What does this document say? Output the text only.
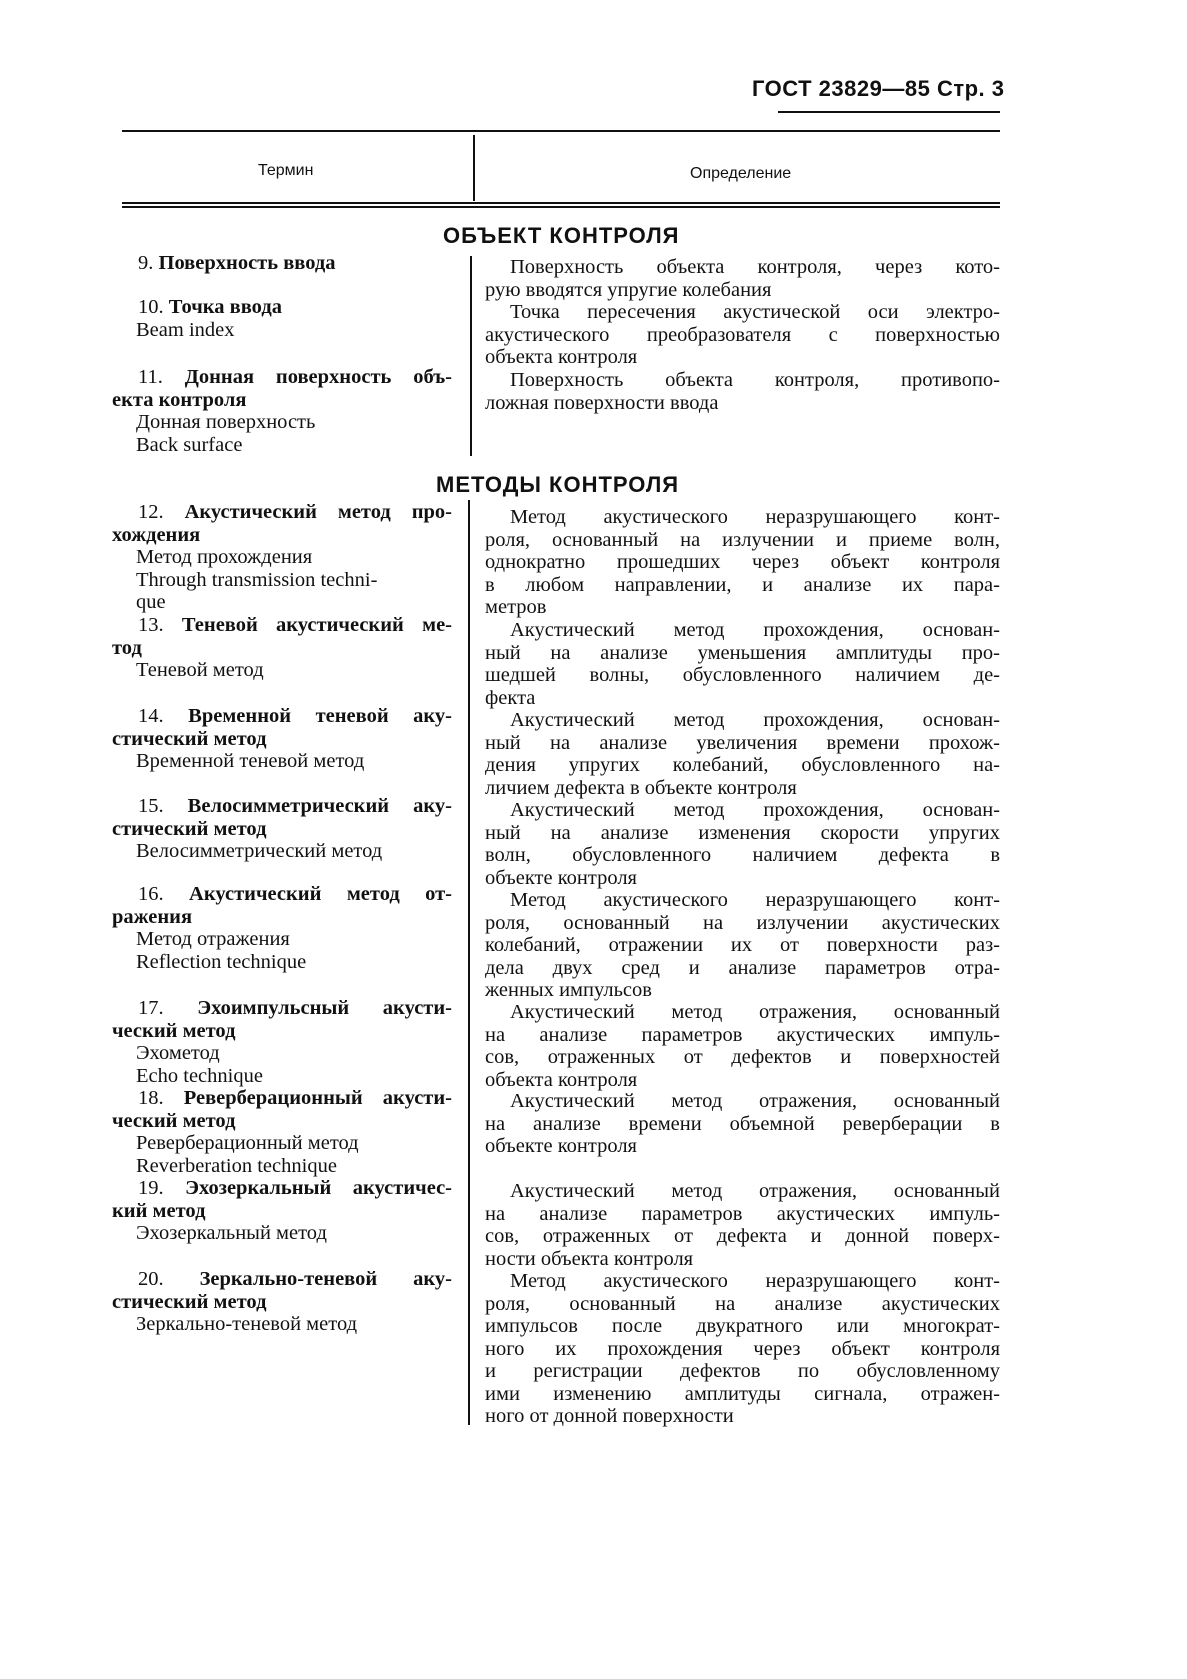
ГОСТ 23829—85 Стр. 3
Термин	Определение
ОБЪЕКТ КОНТРОЛЯ
МЕТОДЫ КОНТРОЛЯ
9. Поверхность ввода	Поверхность объекта контроля, через кото-
рую вводятся упругие колебания
10. Точка ввода
Beam index
Точка пересечения акустической оси электро-
акустического преобразователя с поверхностью
объекта контроля
11. Донная поверхность объ-
екта контроля
Донная поверхность
Back surface
Поверхность объекта контроля, противопо-
ложная поверхности ввода
12. Акустический метод про-
хождения
Метод прохождения
Through transmission techni-
que
Метод акустического неразрушающего конт-
роля, основанный на излучении и приеме волн,
однократно прошедших через объект контроля
в любом направлении, и анализе их пара-
метров
13. Теневой акустический ме-
тод
Теневой метод
Акустический метод прохождения, основан-
ный на анализе уменьшения амплитуды про-
шедшей волны, обусловленного наличием де-
фекта
14. Временной теневой аку-
стический метод
Временной теневой метод
Акустический метод прохождения, основан-
ный на анализе увеличения времени прохож-
дения упругих колебаний, обусловленного на-
личием дефекта в объекте контроля
15. Велосимметрический аку-
стический метод
Велосимметрический метод
Акустический метод прохождения, основан-
ный на анализе изменения скорости упругих
волн, обусловленного наличием дефекта в
объекте контроля
16. Акустический метод от-
ражения
Метод отражения
Reflection technique
Метод акустического неразрушающего конт-
роля, основанный на излучении акустических
колебаний, отражении их от поверхности раз-
дела двух сред и анализе параметров отра-
женных импульсов
17. Эхоимпульсный акусти-
ческий метод
Эхометод
Echo technique
Акустический метод отражения, основанный
на анализе параметров акустических импуль-
сов, отраженных от дефектов и поверхностей
объекта контроля
18. Реверберационный акусти-
ческий метод
Реверберационный метод
Reverberation technique
Акустический метод отражения, основанный
на анализе времени объемной реверберации в
объекте контроля
19. Эхозеркальный акустичес-
кий метод
Эхозеркальный метод
Акустический метод отражения, основанный
на анализе параметров акустических импуль-
сов, отраженных от дефекта и донной поверх-
ности объекта контроля
20. Зеркально-теневой аку-
стический метод
Зеркально-теневой метод
Метод акустического неразрушающего конт-
роля, основанный на анализе акустических
импульсов после двукратного или многократ-
ного их прохождения через объект контроля
и регистрации дефектов по обусловленному
ими изменению амплитуды сигнала, отражен-
ного от донной поверхности
